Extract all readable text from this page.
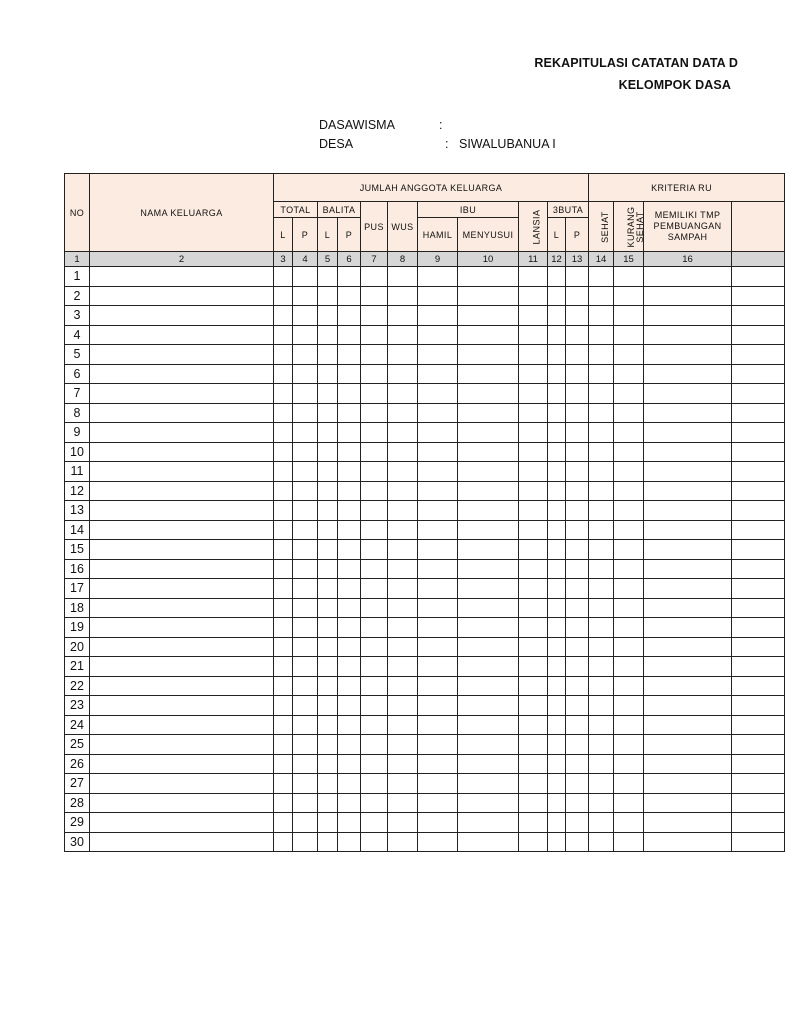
REKAPITULASI CATATAN DATA D
KELOMPOK DASA
DASAWISMA	:
DESA	: SIWALUBANUA I
NO	NAMA KELUARGA	JUMLAH ANGGOTA KELUARGA											KRITERIA RU			
		TOTAL		BALITA		PUS	WUS	IBU		LANSIA	3BUTA		SEHAT	KURANG SEHAT	MEMILIKI TMP PEMBUANGAN SAMPAH	
		L	P	L	P			HAMIL	MENYUSUI		L	P				
1	2	3	4	5	6	7	8	9	10	11	12	13	14	15	16	
1																
2																
3																
4																
5																
6																
7																
8																
9																
10																
11																
12																
13																
14																
15																
16																
17																
18																
19																
20																
21																
22																
23																
24																
25																
26																
27																
28																
29																
30																
